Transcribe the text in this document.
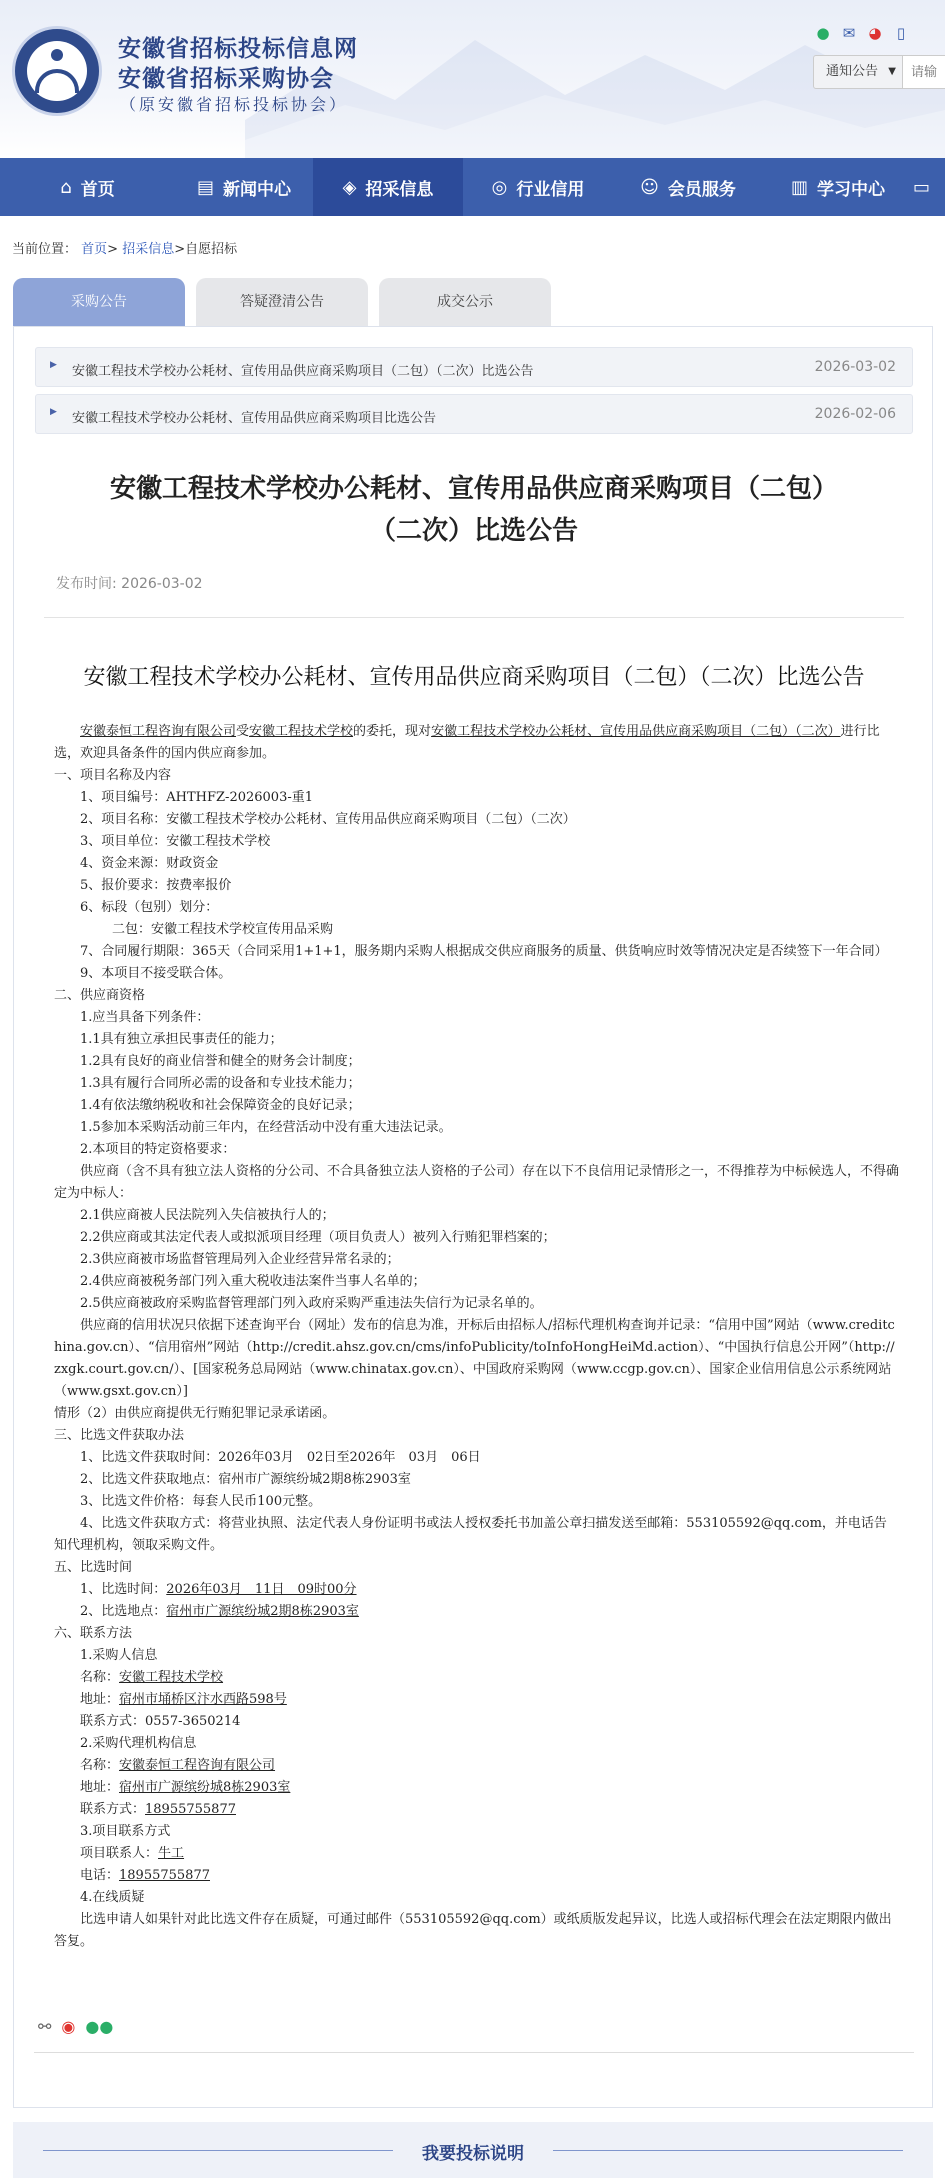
安徽省招标投标信息网
安徽省招标采购协会
（原安徽省招标投标协会）
● ✉ ◕	▯
通知公告 ▼
请输
⌂ 首页	▤ 新闻中心	◈ 招采信息	◎ 行业信用	☺ 会员服务	▥ 学习中心 ▭
当前位置： 首页> 招采信息>自愿招标
采购公告	答疑澄清公告	成交公示
▶ 安徽工程技术学校办公耗材、宣传用品供应商采购项目（二包）（二次）比选公告	2026-03-02
▶ 安徽工程技术学校办公耗材、宣传用品供应商采购项目比选公告	2026-02-06
安徽工程技术学校办公耗材、宣传用品供应商采购项目（二包）
（二次）比选公告
发布时间: 2026-03-02
安徽工程技术学校办公耗材、宣传用品供应商采购项目（二包）（二次）比选公告

安徽泰恒工程咨询有限公司受安徽工程技术学校的委托，现对安徽工程技术学校办公耗材、宣传用品供应商采购项目（二包）（二次）进行比选，欢迎具备条件的国内供应商参加。

一、项目名称及内容

1、项目编号：AHTHFZ-2026003-重1

2、项目名称：安徽工程技术学校办公耗材、宣传用品供应商采购项目（二包）（二次）

3、项目单位：安徽工程技术学校

4、资金来源：财政资金

5、报价要求：按费率报价

6、标段（包别）划分：

二包：安徽工程技术学校宣传用品采购

7、合同履行期限：365天（合同采用1+1+1，服务期内采购人根据成交供应商服务的质量、供货响应时效等情况决定是否续签下一年合同）

9、本项目不接受联合体。

二、供应商资格

1.应当具备下列条件：

1.1具有独立承担民事责任的能力；

1.2具有良好的商业信誉和健全的财务会计制度；

1.3具有履行合同所必需的设备和专业技术能力；

1.4有依法缴纳税收和社会保障资金的良好记录；

1.5参加本采购活动前三年内，在经营活动中没有重大违法记录。

2.本项目的特定资格要求：

供应商（含不具有独立法人资格的分公司、不合具备独立法人资格的子公司）存在以下不良信用记录情形之一，不得推荐为中标候选人，不得确定为中标人：

2.1供应商被人民法院列入失信被执行人的；

2.2供应商或其法定代表人或拟派项目经理（项目负责人）被列入行贿犯罪档案的；

2.3供应商被市场监督管理局列入企业经营异常名录的；

2.4供应商被税务部门列入重大税收违法案件当事人名单的；

2.5供应商被政府采购监督管理部门列入政府采购严重违法失信行为记录名单的。

供应商的信用状况只依据下述查询平台（网址）发布的信息为准，开标后由招标人/招标代理机构查询并记录：“信用中国”网站（www.creditchina.gov.cn）、“信用宿州”网站（http://credit.ahsz.gov.cn/cms/infoPublicity/toInfoHongHeiMd.action）、“中国执行信息公开网”（http://zxgk.court.gov.cn/）、[国家税务总局网站（www.chinatax.gov.cn）、中国政府采购网（www.ccgp.gov.cn）、国家企业信用信息公示系统网站（www.gsxt.gov.cn）]

情形（2）由供应商提供无行贿犯罪记录承诺函。

三、比选文件获取办法

1、比选文件获取时间：2026年03月　02日至2026年　03月　06日

2、比选文件获取地点：宿州市广源缤纷城2期8栋2903室

3、比选文件价格：每套人民币100元整。

4、比选文件获取方式：将营业执照、法定代表人身份证明书或法人授权委托书加盖公章扫描发送至邮箱：553105592@qq.com，并电话告知代理机构，领取采购文件。

五、比选时间

1、比选时间：2026年03月　11日　09时00分

2、比选地点：宿州市广源缤纷城2期8栋2903室

六、联系方法

1.采购人信息

名称：安徽工程技术学校

地址：宿州市埇桥区汴水西路598号

联系方式：0557-3650214

2.采购代理机构信息

名称：安徽泰恒工程咨询有限公司

地址：宿州市广源缤纷城8栋2903室

联系方式：18955755877

3.项目联系方式

项目联系人：牛工

电话：18955755877

4.在线质疑

比选申请人如果针对此比选文件存在质疑，可通过邮件（553105592@qq.com）或纸质版发起异议，比选人或招标代理会在法定期限内做出答复。

⚯ ◉ ●●
我要投标说明
